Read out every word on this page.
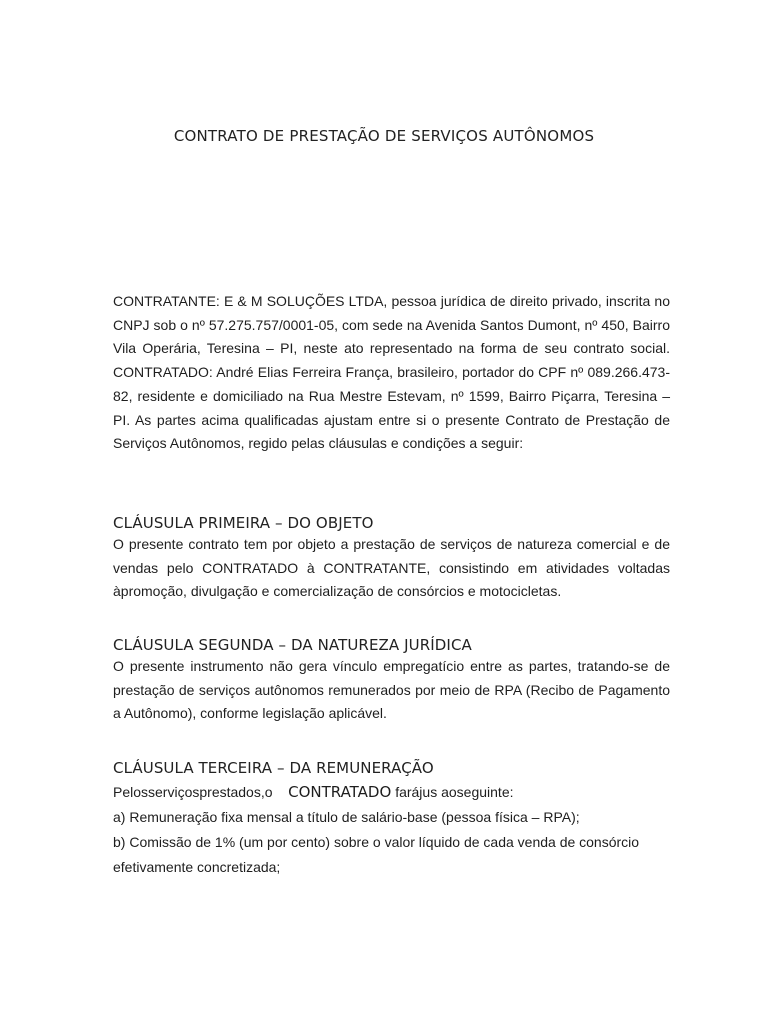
CONTRATO DE PRESTAÇÃO DE SERVIÇOS AUTÔNOMOS

CONTRATANTE: E & M SOLUÇÕES LTDA, pessoa jurídica de direito privado, inscrita no CNPJ sob o nº 57.275.757/0001-05, com sede na Avenida Santos Dumont, nº 450, Bairro Vila Operária, Teresina – PI, neste ato representado na forma de seu contrato social. CONTRATADO: André Elias Ferreira França, brasileiro, portador do CPF nº 089.266.473-82, residente e domiciliado na Rua Mestre Estevam, nº 1599, Bairro Piçarra, Teresina – PI. As partes acima qualificadas ajustam entre si o presente Contrato de Prestação de Serviços Autônomos, regido pelas cláusulas e condições a seguir:

CLÁUSULA PRIMEIRA – DO OBJETO

O presente contrato tem por objeto a prestação de serviços de natureza comercial e de vendas pelo CONTRATADO à CONTRATANTE, consistindo em atividades voltadas àpromoção, divulgação e comercialização de consórcios e motocicletas.

CLÁUSULA SEGUNDA – DA NATUREZA JURÍDICA

O presente instrumento não gera vínculo empregatício entre as partes, tratando-se de prestação de serviços autônomos remunerados por meio de RPA (Recibo de Pagamento a Autônomo), conforme legislação aplicável.

CLÁUSULA TERCEIRA – DA REMUNERAÇÃO

Pelosserviçosprestados,o CONTRATADO farájus aoseguinte:

a) Remuneração fixa mensal a título de salário-base (pessoa física – RPA);

b) Comissão de 1% (um por cento) sobre o valor líquido de cada venda de consórcio

efetivamente concretizada;
